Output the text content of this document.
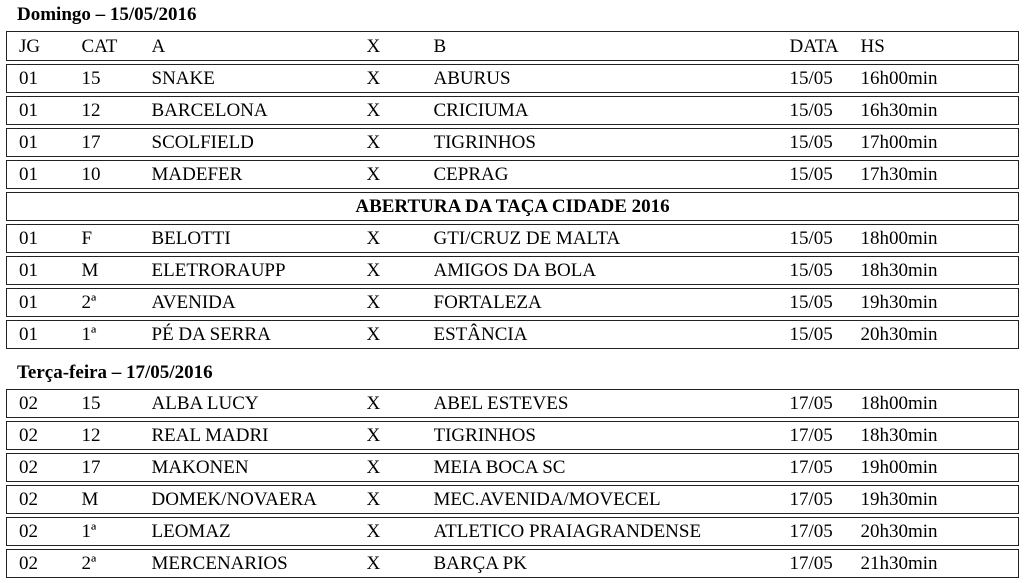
Domingo – 15/05/2016
JG	CAT	A	X	B	DATA	HS

01	15	SNAKE	X	ABURUS	15/05	16h00min

01	12	BARCELONA	X	CRICIUMA	15/05	16h30min

01	17	SCOLFIELD	X	TIGRINHOS	15/05	17h00min

01	10	MADEFER	X	CEPRAG	15/05	17h30min

ABERTURA DA TAÇA CIDADE 2016						

01	F	BELOTTI	X	GTI/CRUZ DE MALTA	15/05	18h00min

01	M	ELETRORAUPP	X	AMIGOS DA BOLA	15/05	18h30min

01	2ª	AVENIDA	X	FORTALEZA	15/05	19h30min

01	1ª	PÉ DA SERRA	X	ESTÂNCIA	15/05	20h30min
Terça-feira – 17/05/2016
02	15	ALBA LUCY	X	ABEL ESTEVES	17/05	18h00min

02	12	REAL MADRI	X	TIGRINHOS	17/05	18h30min

02	17	MAKONEN	X	MEIA BOCA SC	17/05	19h00min

02	M	DOMEK/NOVAERA	X	MEC.AVENIDA/MOVECEL	17/05	19h30min

02	1ª	LEOMAZ	X	ATLETICO PRAIAGRANDENSE	17/05	20h30min

02	2ª	MERCENARIOS	X	BARÇA PK	17/05	21h30min
